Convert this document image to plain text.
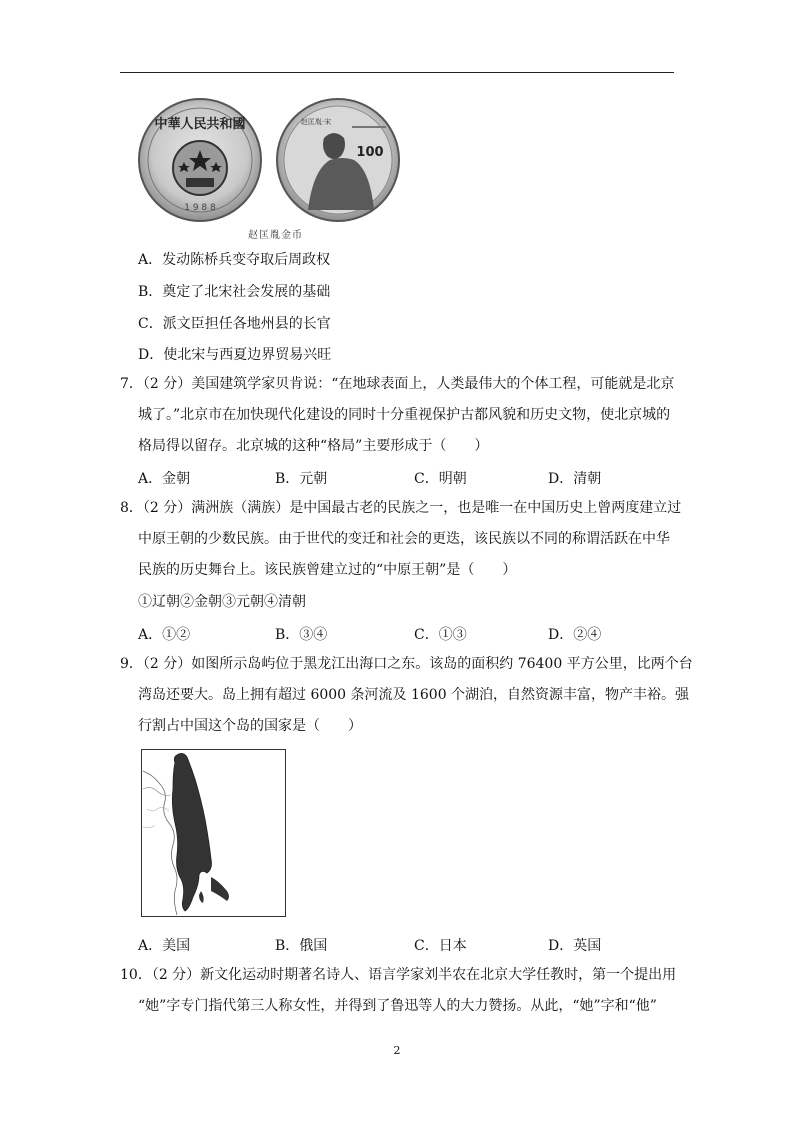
中華人民共和國
1 9 8 8
赵匡胤·宋
100
赵匡胤金币
A．发动陈桥兵变夺取后周政权
B．奠定了北宋社会发展的基础
C．派文臣担任各地州县的长官
D．使北宋与西夏边界贸易兴旺
7．（2 分）美国建筑学家贝肯说：“在地球表面上，人类最伟大的个体工程，可能就是北京
城了。”北京市在加快现代化建设的同时十分重视保护古都风貌和历史文物，使北京城的
格局得以留存。北京城的这种“格局”主要形成于（　　）
A．金朝	B．元朝	C．明朝	D．清朝
8．（2 分）满洲族（满族）是中国最古老的民族之一，也是唯一在中国历史上曾两度建立过
中原王朝的少数民族。由于世代的变迁和社会的更迭，该民族以不同的称谓活跃在中华
民族的历史舞台上。该民族曾建立过的“中原王朝”是（　　）
①辽朝②金朝③元朝④清朝
A．①②	B．③④	C．①③	D．②④
9．（2 分）如图所示岛屿位于黑龙江出海口之东。该岛的面积约 76400 平方公里，比两个台
湾岛还要大。岛上拥有超过 6000 条河流及 1600 个湖泊，自然资源丰富，物产丰裕。强
行割占中国这个岛的国家是（　　）
A．美国	B．俄国	C．日本	D．英国
10．（2 分）新文化运动时期著名诗人、语言学家刘半农在北京大学任教时，第一个提出用
“她”字专门指代第三人称女性，并得到了鲁迅等人的大力赞扬。从此，“她”字和“他”
2
